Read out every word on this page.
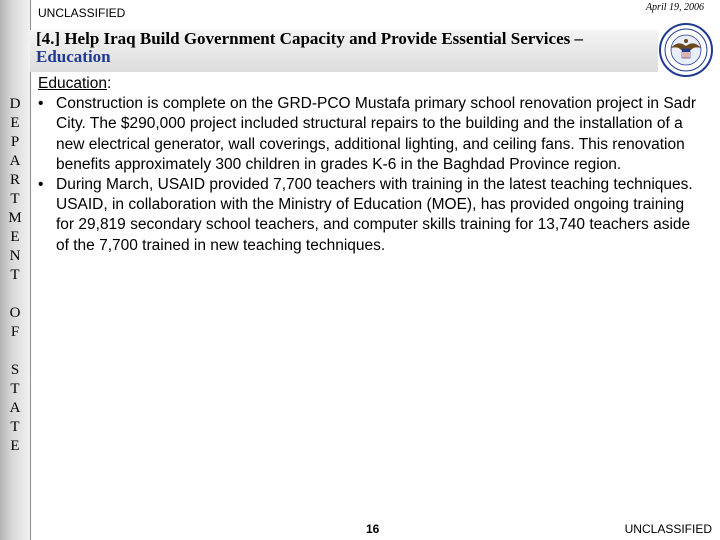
D
E
P
A
R
T
M
E
N
T
O
F
S
T
A
T
E
UNCLASSIFIED	April 19, 2006
[4.] Help Iraq Build Government Capacity and Provide Essential Services – Education
Education:
• Construction is complete on the GRD-PCO Mustafa primary school renovation project in Sadr City. The $290,000 project included structural repairs to the building and the installation of a new electrical generator, wall coverings, additional lighting, and ceiling fans. This renovation benefits approximately 300 children in grades K-6 in the Baghdad Province region.
• During March, USAID provided 7,700 teachers with training in the latest teaching techniques. USAID, in collaboration with the Ministry of Education (MOE), has provided ongoing training for 29,819 secondary school teachers, and computer skills training for 13,740 teachers aside of the 7,700 trained in new teaching techniques.
16	UNCLASSIFIED
